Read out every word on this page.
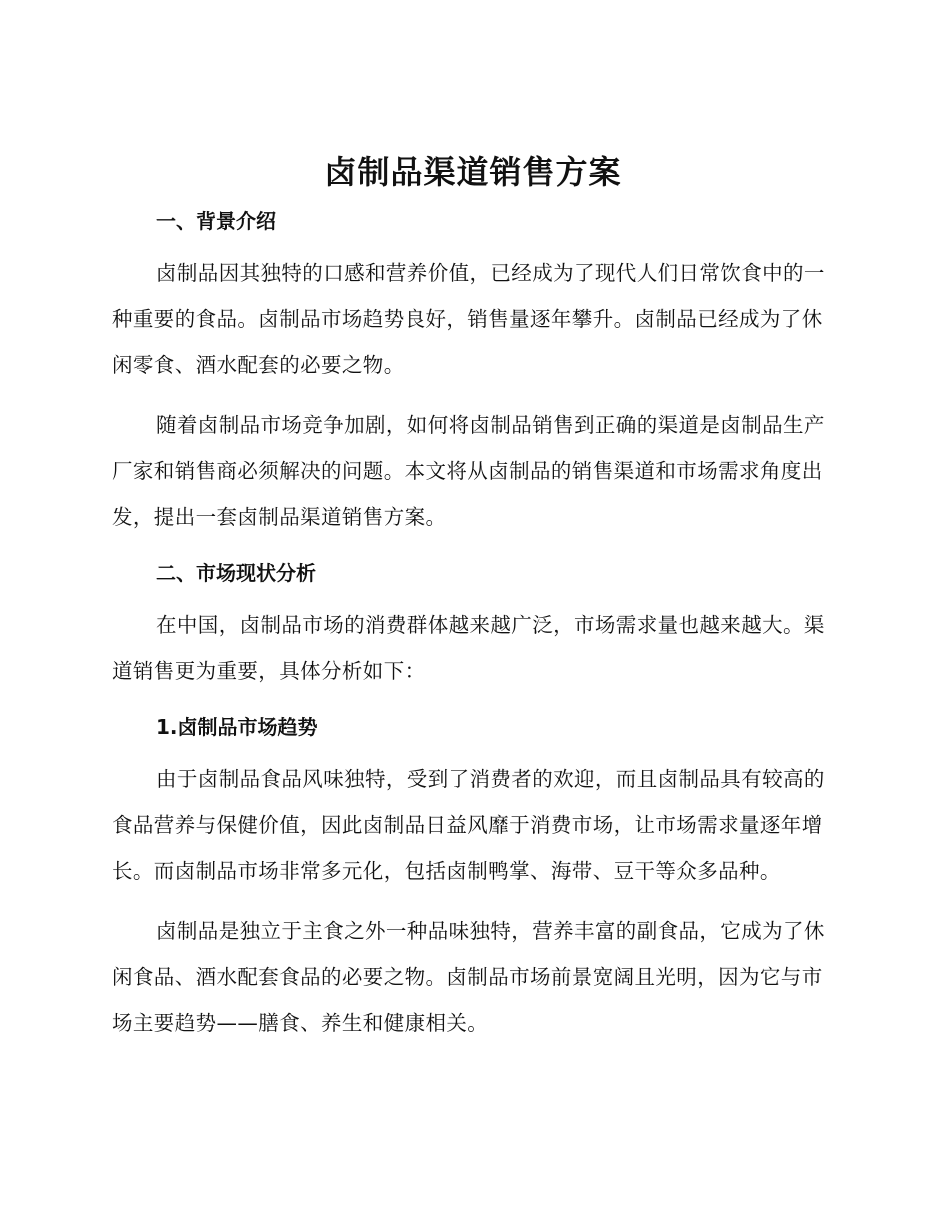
卤制品渠道销售方案
一、背景介绍

卤制品因其独特的口感和营养价值，已经成为了现代人们日常饮食中的一种重要的食品。卤制品市场趋势良好，销售量逐年攀升。卤制品已经成为了休闲零食、酒水配套的必要之物。

随着卤制品市场竞争加剧，如何将卤制品销售到正确的渠道是卤制品生产厂家和销售商必须解决的问题。本文将从卤制品的销售渠道和市场需求角度出发，提出一套卤制品渠道销售方案。

二、市场现状分析

在中国，卤制品市场的消费群体越来越广泛，市场需求量也越来越大。渠道销售更为重要，具体分析如下：

1.卤制品市场趋势

由于卤制品食品风味独特，受到了消费者的欢迎，而且卤制品具有较高的食品营养与保健价值，因此卤制品日益风靡于消费市场，让市场需求量逐年增长。而卤制品市场非常多元化，包括卤制鸭掌、海带、豆干等众多品种。

卤制品是独立于主食之外一种品味独特，营养丰富的副食品，它成为了休闲食品、酒水配套食品的必要之物。卤制品市场前景宽阔且光明，因为它与市场主要趋势——膳食、养生和健康相关。
